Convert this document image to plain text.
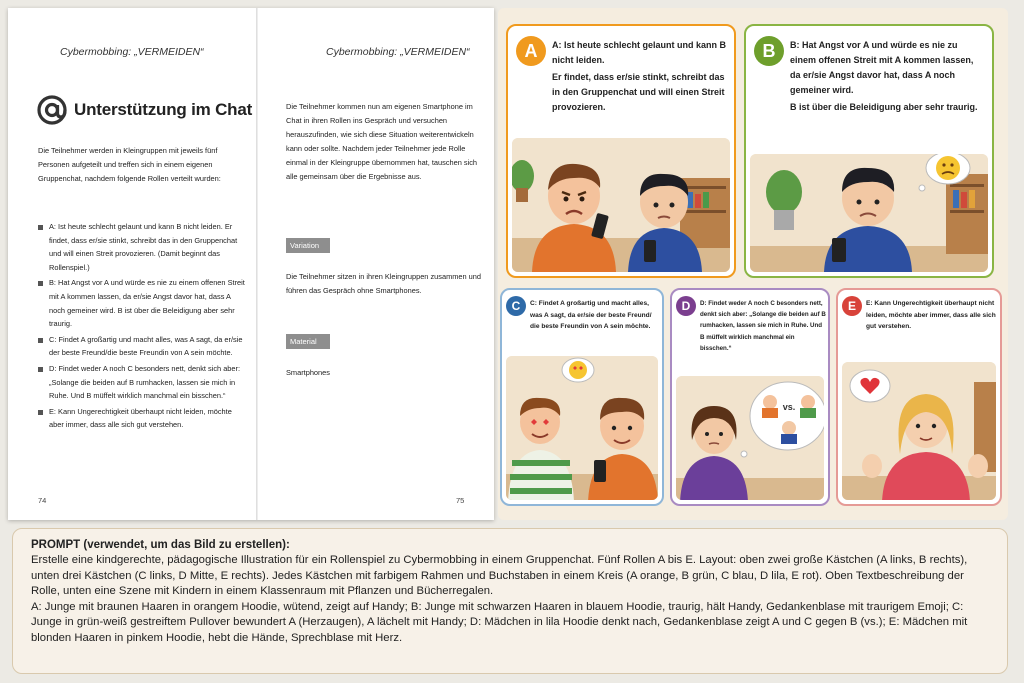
Cybermobbing: „VERMEIDEN“
Unterstützung im Chat
Die Teilnehmer werden in Kleingruppen mit jeweils fünf Personen aufgeteilt und treffen sich in einem eigenen Gruppenchat, nachdem folgende Rollen verteilt wurden:
A: Ist heute schlecht gelaunt und kann B nicht leiden. Er findet, dass er/sie stinkt, schreibt das in den Gruppenchat und will einen Streit provozieren. (Damit beginnt das Rollenspiel.)
B: Hat Angst vor A und würde es nie zu einem offenen Streit mit A kommen lassen, da er/sie Angst davor hat, dass A noch gemeiner wird. B ist über die Beleidigung aber sehr traurig.
C: Findet A großartig und macht alles, was A sagt, da er/sie der beste Freund/die beste Freundin von A sein möchte.
D: Findet weder A noch C besonders nett, denkt sich aber: „Solange die beiden auf B rumhacken, lassen sie mich in Ruhe. Und B müffelt wirklich manchmal ein bisschen.“
E: Kann Ungerechtigkeit überhaupt nicht leiden, möchte aber immer, dass alle sich gut verstehen.
74
Cybermobbing: „VERMEIDEN“
Die Teilnehmer kommen nun am eigenen Smartphone im Chat in ihren Rollen ins Gespräch und versuchen herauszufinden, wie sich diese Situation weiterentwickeln kann oder sollte. Nachdem jeder Teilnehmer jede Rolle einmal in der Kleingruppe übernommen hat, tauschen sich alle gemeinsam über die Ergebnisse aus.
Variation
Die Teilnehmer sitzen in ihren Kleingruppen zusammen und führen das Gespräch ohne Smartphones.
Material
Smartphones
75
A	A: Ist heute schlecht gelaunt und kann B nicht leiden.
Er findet, dass er/sie stinkt, schreibt das in den Gruppenchat und will einen Streit provozieren.
B	B: Hat Angst vor A und würde es nie zu einem offenen Streit mit A kommen lassen, da er/sie Angst davor hat, dass A noch gemeiner wird.
B ist über die Beleidigung aber sehr traurig.
C	C: Findet A großartig und macht alles, was A sagt, da er/sie der beste Freund/ die beste Freundin von A sein möchte.
D	D: Findet weder A noch C besonders nett, denkt sich aber: „Solange die beiden auf B rumhacken, lassen sie mich in Ruhe. Und B müffelt wirklich manchmal ein bisschen.“
vs.
E	E: Kann Ungerechtigkeit überhaupt nicht leiden, möchte aber immer, dass alle sich gut verstehen.
PROMPT (verwendet, um das Bild zu erstellen):

Erstelle eine kindgerechte, pädagogische Illustration für ein Rollenspiel zu Cybermobbing in einem Gruppenchat. Fünf Rollen A bis E. Layout: oben zwei große Kästchen (A links, B rechts), unten drei Kästchen (C links, D Mitte, E rechts). Jedes Kästchen mit farbigem Rahmen und Buchstaben in einem Kreis (A orange, B grün, C blau, D lila, E rot). Oben Textbeschreibung der Rolle, unten eine Szene mit Kindern in einem Klassenraum mit Pflanzen und Bücherregalen.

A: Junge mit braunen Haaren in orangem Hoodie, wütend, zeigt auf Handy; B: Junge mit schwarzen Haaren in blauem Hoodie, traurig, hält Handy, Gedankenblase mit traurigem Emoji; C: Junge in grün-weiß gestreiftem Pullover bewundert A (Herzaugen), A lächelt mit Handy; D: Mädchen in lila Hoodie denkt nach, Gedankenblase zeigt A und C gegen B (vs.); E: Mädchen mit blonden Haaren in pinkem Hoodie, hebt die Hände, Sprechblase mit Herz.
